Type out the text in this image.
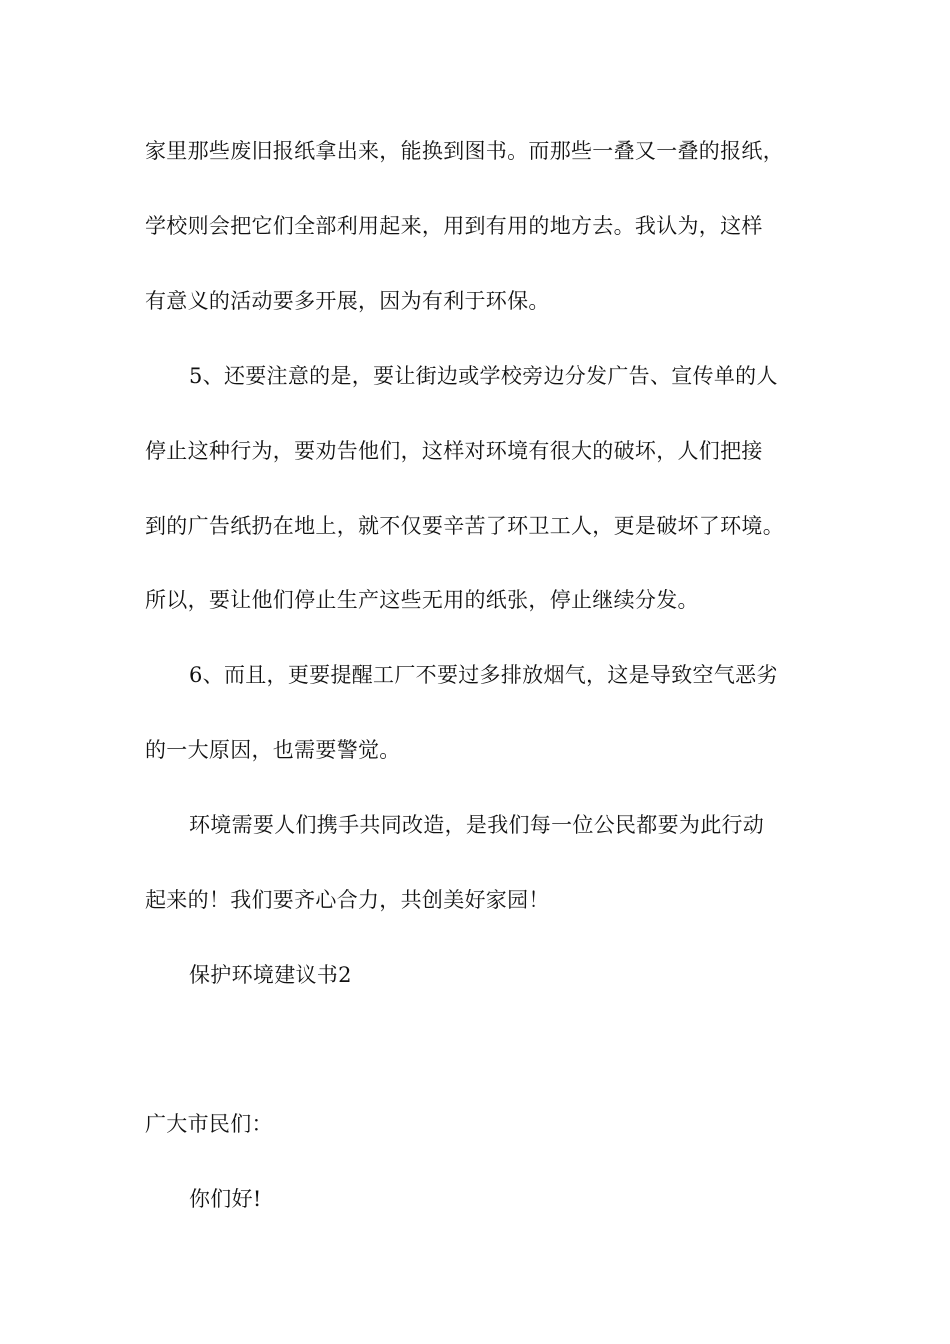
家里那些废旧报纸拿出来，能换到图书。而那些一叠又一叠的报纸，
学校则会把它们全部利用起来，用到有用的地方去。我认为，这样
有意义的活动要多开展，因为有利于环保。
5、还要注意的是，要让街边或学校旁边分发广告、宣传单的人
停止这种行为，要劝告他们，这样对环境有很大的破坏，人们把接
到的广告纸扔在地上，就不仅要辛苦了环卫工人，更是破坏了环境。
所以，要让他们停止生产这些无用的纸张，停止继续分发。
6、而且，更要提醒工厂不要过多排放烟气，这是导致空气恶劣
的一大原因，也需要警觉。
环境需要人们携手共同改造，是我们每一位公民都要为此行动
起来的！我们要齐心合力，共创美好家园！
保护环境建议书2
广大市民们：
你们好!
